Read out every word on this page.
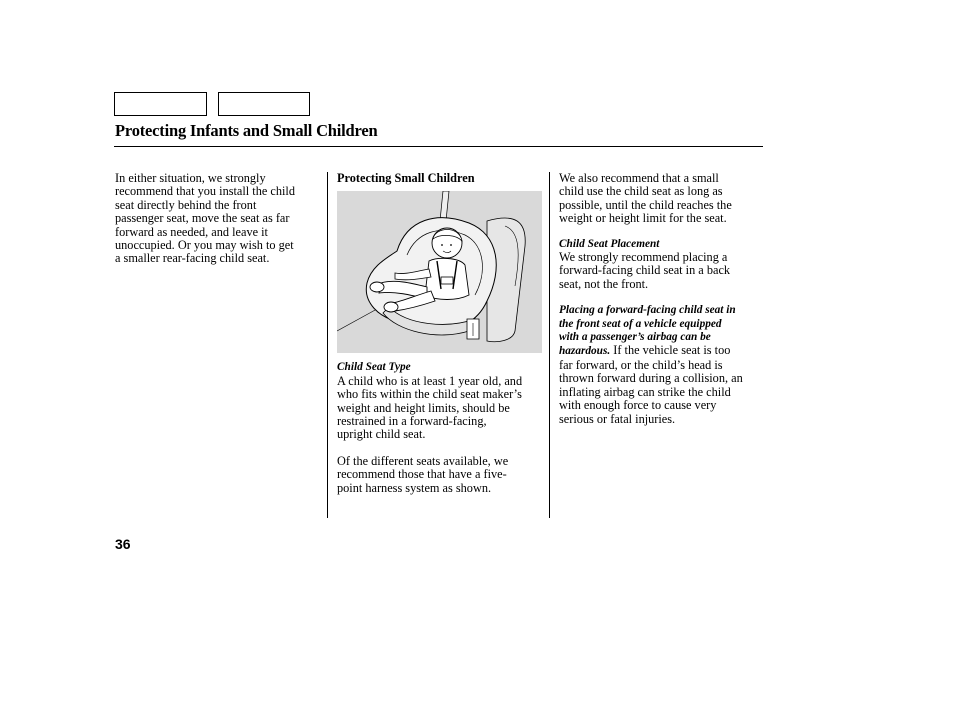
Protecting Infants and Small Children

In either situation, we strongly
recommend that you install the child
seat directly behind the front
passenger seat, move the seat as far
forward as needed, and leave it
unoccupied. Or you may wish to get
a smaller rear-facing child seat.

Protecting Small Children
Child Seat Type

A child who is at least 1 year old, and
who fits within the child seat maker’s
weight and height limits, should be
restrained in a forward-facing,
upright child seat.

Of the different seats available, we
recommend those that have a five-
point harness system as shown.

We also recommend that a small
child use the child seat as long as
possible, until the child reaches the
weight or height limit for the seat.

Child Seat Placement

We strongly recommend placing a
forward-facing child seat in a back
seat, not the front.

Placing a forward-facing child seat in
the front seat of a vehicle equipped
with a passenger’s airbag can be
hazardous. If the vehicle seat is too
far forward, or the child’s head is
thrown forward during a collision, an
inflating airbag can strike the child
with enough force to cause very
serious or fatal injuries.

36
